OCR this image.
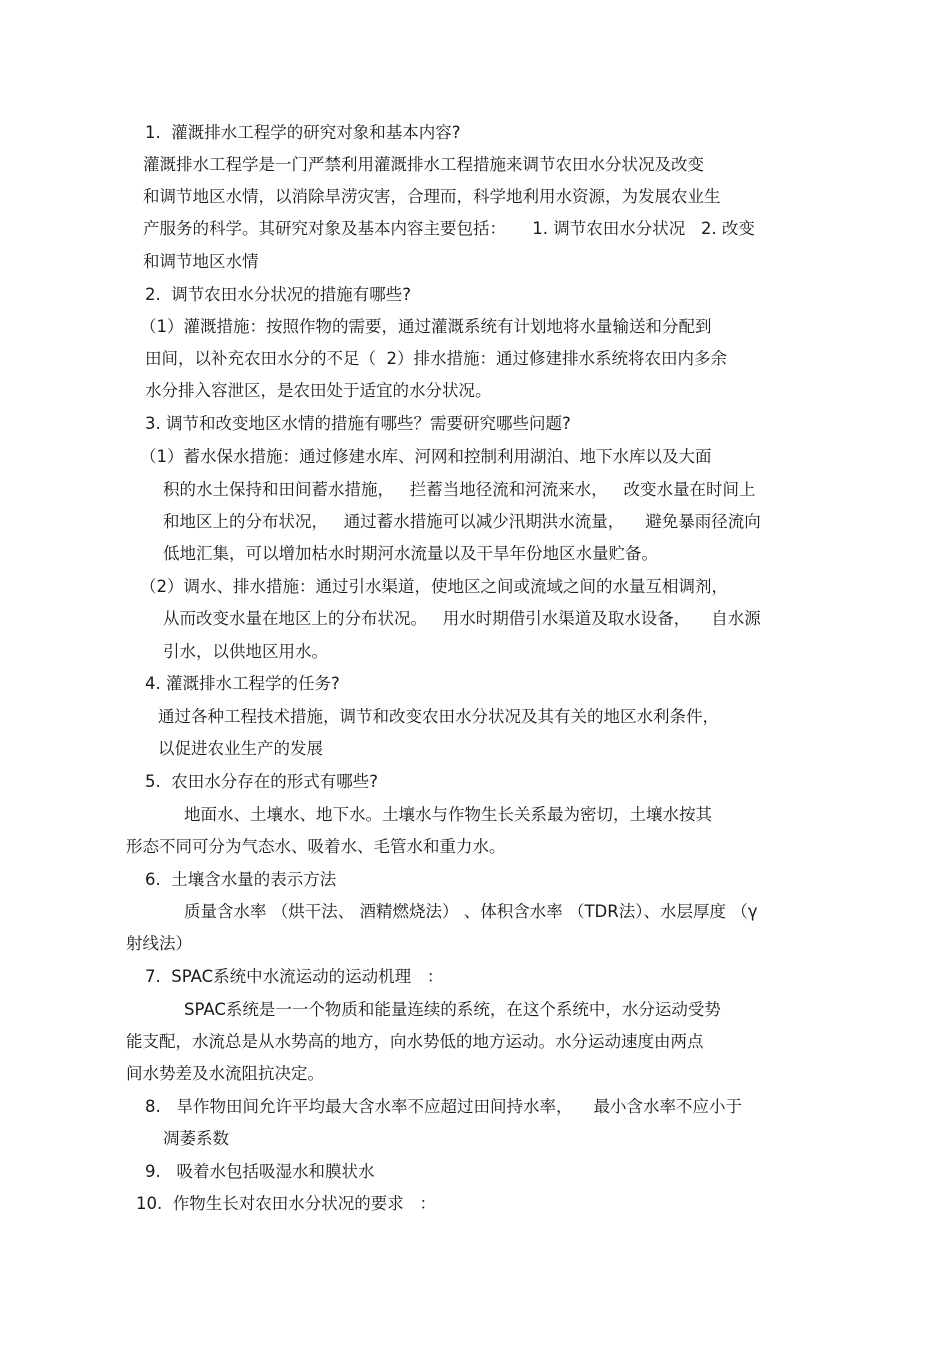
1.  灌溉排水工程学的研究对象和基本内容?
灌溉排水工程学是一门严禁利用灌溉排水工程措施来调节农田水分状况及改变
和调节地区水情，以消除旱涝灾害，合理而，科学地利用水资源，为发展农业生
产服务的科学。其研究对象及基本内容主要包括：     1. 调节农田水分状况   2. 改变
和调节地区水情
2.  调节农田水分状况的措施有哪些?
（1）灌溉措施：按照作物的需要，通过灌溉系统有计划地将水量输送和分配到
田间，以补充农田水分的不足（  2）排水措施：通过修建排水系统将农田内多余
水分排入容泄区，是农田处于适宜的水分状况。
3. 调节和改变地区水情的措施有哪些？需要研究哪些问题?
（1）蓄水保水措施：通过修建水库、河网和控制利用湖泊、地下水库以及大面
积的水土保持和田间蓄水措施，   拦蓄当地径流和河流来水，   改变水量在时间上
和地区上的分布状况，   通过蓄水措施可以减少汛期洪水流量，    避免暴雨径流向
低地汇集，可以增加枯水时期河水流量以及干旱年份地区水量贮备。
（2）调水、排水措施：通过引水渠道，使地区之间或流域之间的水量互相调剂，
从而改变水量在地区上的分布状况。   用水时期借引水渠道及取水设备，    自水源
引水，以供地区用水。
4. 灌溉排水工程学的任务?
通过各种工程技术措施，调节和改变农田水分状况及其有关的地区水利条件，
以促进农业生产的发展
5.  农田水分存在的形式有哪些?
地面水、土壤水、地下水。土壤水与作物生长关系最为密切，土壤水按其
形态不同可分为气态水、吸着水、毛管水和重力水。
6.  土壤含水量的表示方法
质量含水率 （烘干法、 酒精燃烧法） 、体积含水率 （TDR法）、水层厚度 （γ
射线法）
7.  SPAC系统中水流运动的运动机理   ：
SPAC系统是一一个物质和能量连续的系统，在这个系统中，水分运动受势
能支配，水流总是从水势高的地方，向水势低的地方运动。水分运动速度由两点
间水势差及水流阻抗决定。
8.   旱作物田间允许平均最大含水率不应超过田间持水率，    最小含水率不应小于
凋萎系数
9.   吸着水包括吸湿水和膜状水
10.  作物生长对农田水分状况的要求   ：
